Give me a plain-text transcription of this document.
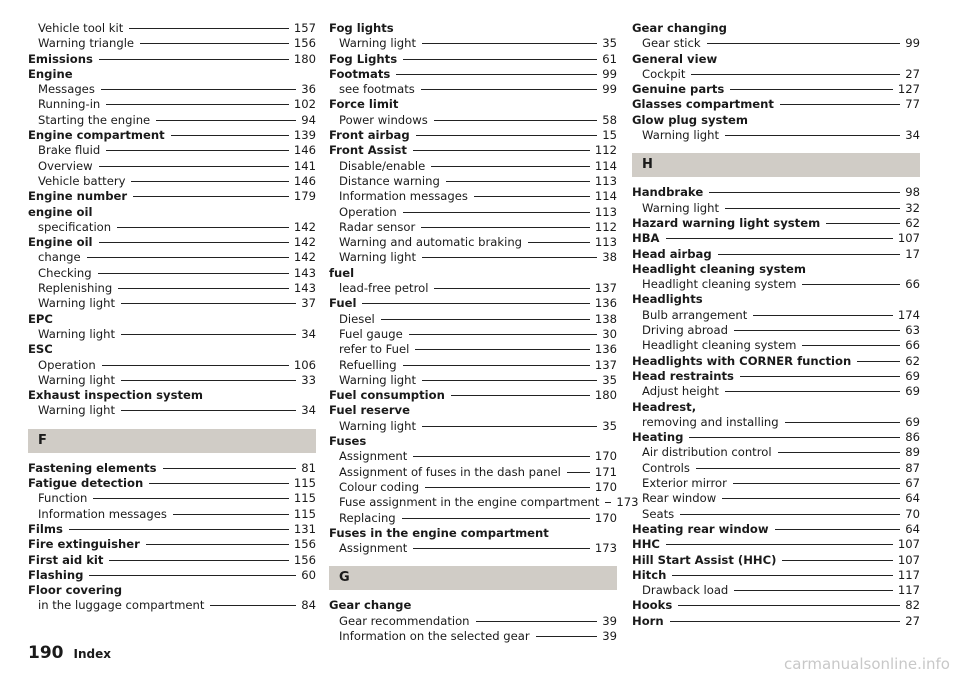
Vehicle tool kit	157
Warning triangle	156
Emissions	180
Engine
Messages	36
Running-in	102
Starting the engine	94
Engine compartment	139
Brake fluid	146
Overview	141
Vehicle battery	146
Engine number	179
engine oil
specification	142
Engine oil	142
change	142
Checking	143
Replenishing	143
Warning light	37
EPC
Warning light	34
ESC
Operation	106
Warning light	33
Exhaust inspection system
Warning light	34
F
Fastening elements	81
Fatigue detection	115
Function	115
Information messages	115
Films	131
Fire extinguisher	156
First aid kit	156
Flashing	60
Floor covering
in the luggage compartment	84
Fog lights
Warning light	35
Fog Lights	61
Footmats	99
see footmats	99
Force limit
Power windows	58
Front airbag	15
Front Assist	112
Disable/enable	114
Distance warning	113
Information messages	114
Operation	113
Radar sensor	112
Warning and automatic braking	113
Warning light	38
fuel
lead-free petrol	137
Fuel	136
Diesel	138
Fuel gauge	30
refer to Fuel	136
Refuelling	137
Warning light	35
Fuel consumption	180
Fuel reserve
Warning light	35
Fuses
Assignment	170
Assignment of fuses in the dash panel	171
Colour coding	170
Fuse assignment in the engine compartment 173
Replacing	170
Fuses in the engine compartment
Assignment	173
G
Gear change
Gear recommendation	39
Information on the selected gear	39
Gear changing
Gear stick	99
General view
Cockpit	27
Genuine parts	127
Glasses compartment	77
Glow plug system
Warning light	34
H
Handbrake	98
Warning light	32
Hazard warning light system	62
HBA	107
Head airbag	17
Headlight cleaning system
Headlight cleaning system	66
Headlights
Bulb arrangement	174
Driving abroad	63
Headlight cleaning system	66
Headlights with CORNER function	62
Head restraints	69
Adjust height	69
Headrest,
removing and installing	69
Heating	86
Air distribution control	89
Controls	87
Exterior mirror	67
Rear window	64
Seats	70
Heating rear window	64
HHC	107
Hill Start Assist (HHC)	107
Hitch	117
Drawback load	117
Hooks	82
Horn	27
190 Index
carmanualsonline.info
